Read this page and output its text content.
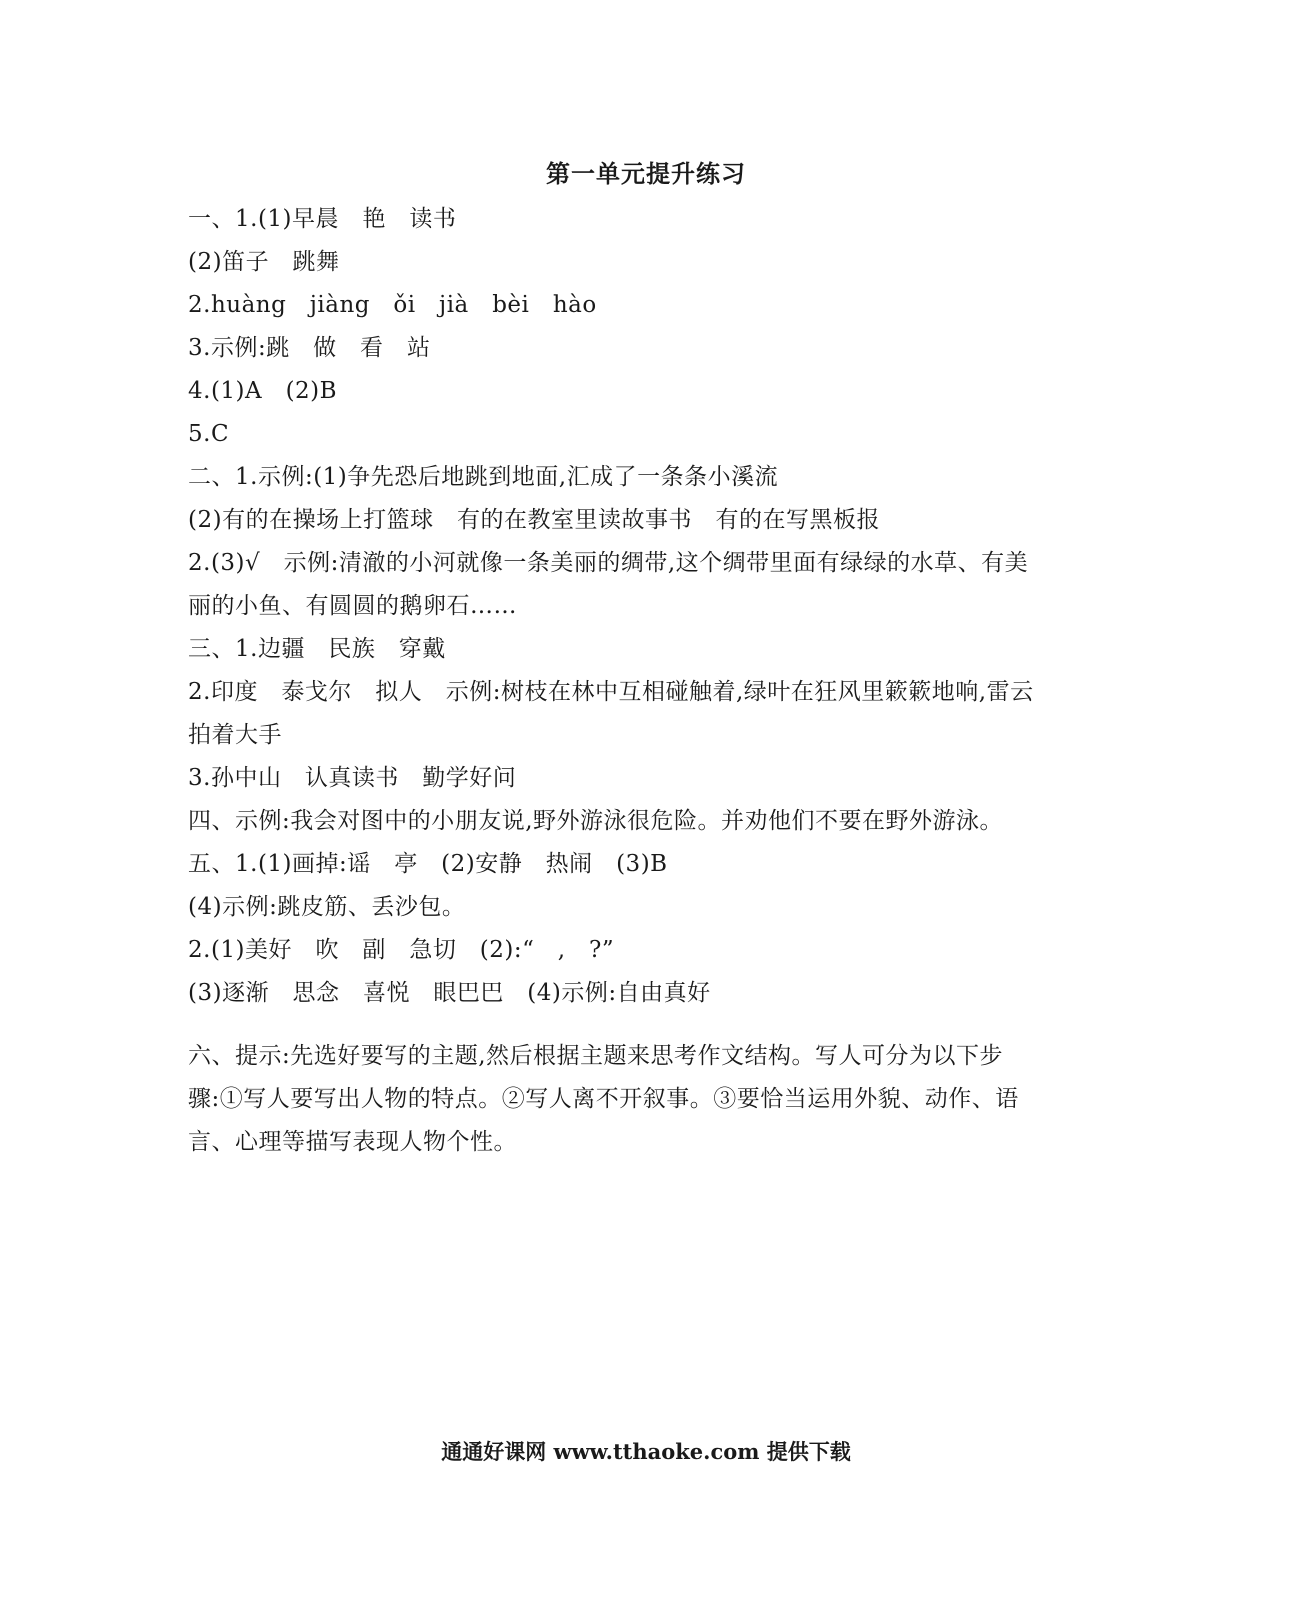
第一单元提升练习

一、1.(1)早晨   艳   读书

(2)笛子   跳舞

2.huàng   jiàng   ǒi   jià   bèi   hào

3.示例:跳   做   看   站

4.(1)A   (2)B

5.C

二、1.示例:(1)争先恐后地跳到地面,汇成了一条条小溪流

(2)有的在操场上打篮球   有的在教室里读故事书   有的在写黑板报

2.(3)√   示例:清澈的小河就像一条美丽的绸带,这个绸带里面有绿绿的水草、有美

丽的小鱼、有圆圆的鹅卵石……

三、1.边疆   民族   穿戴

2.印度   泰戈尔   拟人   示例:树枝在林中互相碰触着,绿叶在狂风里簌簌地响,雷云

拍着大手

3.孙中山   认真读书   勤学好问

四、示例:我会对图中的小朋友说,野外游泳很危险。并劝他们不要在野外游泳。

五、1.(1)画掉:谣   亭   (2)安静   热闹   (3)B

(4)示例:跳皮筋、丢沙包。

2.(1)美好   吹   副   急切   (2):“   ,   ?”

(3)逐渐   思念   喜悦   眼巴巴   (4)示例:自由真好

六、提示:先选好要写的主题,然后根据主题来思考作文结构。写人可分为以下步

骤:①写人要写出人物的特点。②写人离不开叙事。③要恰当运用外貌、动作、语

言、心理等描写表现人物个性。

通通好课网 www.tthaoke.com 提供下载
